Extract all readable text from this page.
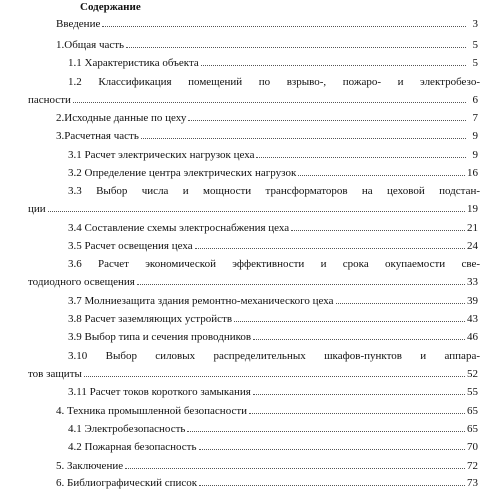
Содержание
Введение	3
1.Общая часть	5
1.1 Характеристика объекта	5
1.2 Классификация помещений по взрыво-, пожаро- и электробезо-
пасности	6
2.Исходные данные по цеху	7
3.Расчетная часть	9
3.1 Расчет электрических нагрузок цеха	9
3.2 Определение центра электрических нагрузок	16
3.3 Выбор числа и мощности трансформаторов на цеховой подстан-
ции	19
3.4 Составление схемы электроснабжения цеха	21
3.5 Расчет освещения цеха	24
3.6 Расчет экономической эффективности и срока окупаемости све-
тодиодного освещения	33
3.7 Молниезащита здания ремонтно-механического цеха	39
3.8 Расчет заземляющих устройств	43
3.9 Выбор типа и сечения проводников	46
3.10 Выбор силовых распределительных шкафов-пунктов и аппара-
тов защиты	52
3.11 Расчет токов короткого замыкания	55
4. Техника промышленной безопасности	65
4.1 Электробезопасность	65
4.2 Пожарная безопасность	70
5. Заключение	72
6. Библиографический список	73
